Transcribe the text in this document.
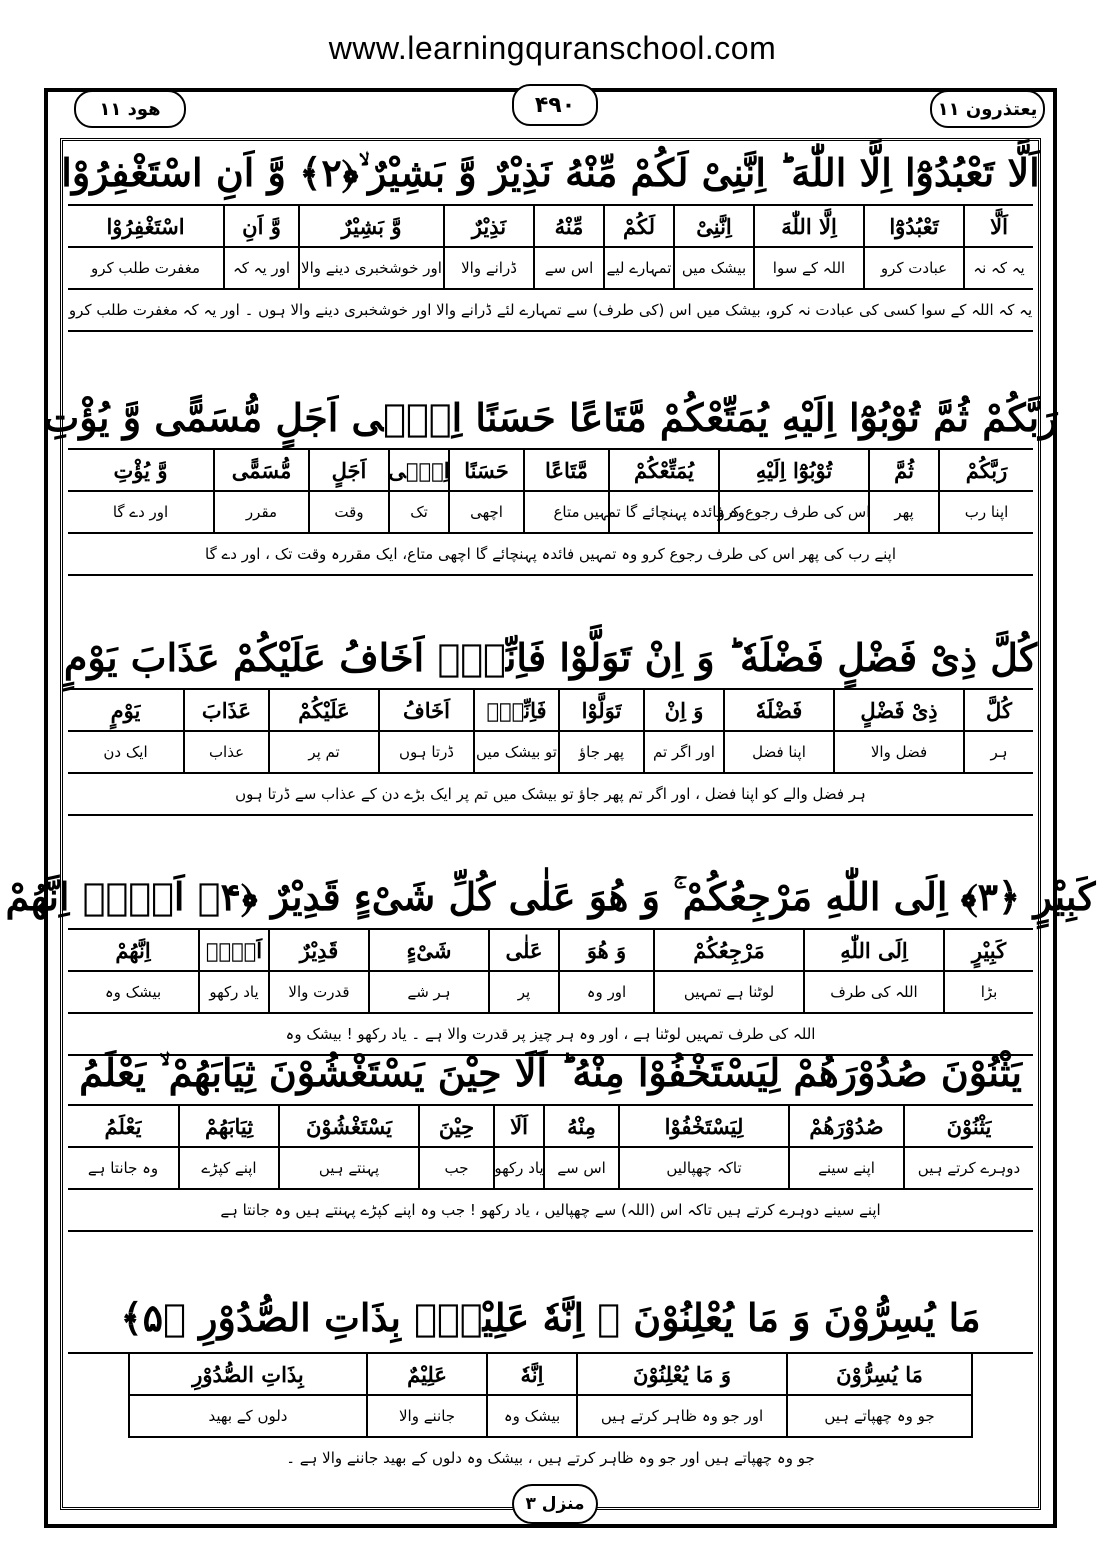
www.learningquranschool.com
یعتذرون ۱۱
۴۹۰
ھود ۱۱
اَلَّا تَعْبُدُوْٓا اِلَّا اللّٰهَ ؕ اِنَّنِیْ لَكُمْ مِّنْهُ نَذِیْرٌ وَّ بَشِیْرٌ ۙ﴿۲﴾ وَّ اَنِ اسْتَغْفِرُوْا
اَلَّا
تَعْبُدُوْٓا
اِلَّا اللّٰهَ
اِنَّنِیْ
لَكُمْ
مِّنْهُ
نَذِیْرٌ
وَّ بَشِیْرٌ
وَّ اَنِ
اسْتَغْفِرُوْا
یہ کہ نہ
عبادت کرو
اللہ کے سوا
بیشک میں
تمہارے لیے
اس سے
ڈرانے والا
اور خوشخبری دینے والا
اور یہ کہ
مغفرت طلب کرو
یہ کہ اللہ کے سوا کسی کی عبادت نہ کرو، بیشک میں اس (کی طرف) سے تمہارے لئے ڈرانے والا اور خوشخبری دینے والا ہوں ۔ اور یہ کہ مغفرت طلب کرو
رَبَّكُمْ ثُمَّ تُوْبُوْٓا اِلَیْهِ یُمَتِّعْكُمْ مَّتَاعًا حَسَنًا اِلٰۤی اَجَلٍ مُّسَمًّی وَّ یُؤْتِ
رَبَّكُمْ
ثُمَّ
تُوْبُوْٓا اِلَیْهِ
یُمَتِّعْكُمْ
مَّتَاعًا
حَسَنًا
اِلٰۤی
اَجَلٍ
مُّسَمًّی
وَّ یُؤْتِ
اپنا رب
پھر
اس کی طرف رجوع کرو
وہ فائدہ پہنچائے گا تمہیں
متاع
اچھی
تک
وقت
مقرر
اور دے گا
اپنے رب کی پھر اس کی طرف رجوع کرو وہ تمہیں فائدہ پہنچائے گا اچھی متاع، ایک مقررہ وقت تک ، اور دے گا
كُلَّ ذِیْ فَضْلٍ فَضْلَهٗ ؕ وَ اِنْ تَوَلَّوْا فَاِنِّیْۤ اَخَافُ عَلَیْكُمْ عَذَابَ یَوْمٍ
كُلَّ
ذِیْ فَضْلٍ
فَضْلَهٗ
وَ اِنْ
تَوَلَّوْا
فَاِنِّیْۤ
اَخَافُ
عَلَیْكُمْ
عَذَابَ
یَوْمٍ
ہر
فضل والا
اپنا فضل
اور اگر تم
پھر جاؤ
تو بیشک میں
ڈرتا ہوں
تم پر
عذاب
ایک دن
ہر فضل والے کو اپنا فضل ، اور اگر تم پھر جاؤ تو بیشک میں تم پر ایک بڑے دن کے عذاب سے ڈرتا ہوں
كَبِیْرٍ ﴿۳﴾ اِلَی اللّٰهِ مَرْجِعُكُمْ ۚ وَ هُوَ عَلٰی كُلِّ شَیْءٍ قَدِیْرٌ ﴿۴﴾ اَلَاۤ اِنَّهُمْ
كَبِیْرٍ
اِلَی اللّٰهِ
مَرْجِعُكُمْ
وَ هُوَ
عَلٰی
شَیْءٍ
قَدِیْرٌ
اَلَاۤ
اِنَّهُمْ
بڑا
اللہ کی طرف
لوٹنا ہے تمہیں
اور وہ
پر
ہر شے
قدرت والا
یاد رکھو
بیشک وہ
اللہ کی طرف تمہیں لوٹنا ہے ، اور وہ ہر چیز پر قدرت والا ہے ۔ یاد رکھو ! بیشک وہ
یَثْنُوْنَ صُدُوْرَهُمْ لِیَسْتَخْفُوْا مِنْهُ ؕ اَلَا حِیْنَ یَسْتَغْشُوْنَ ثِیَابَهُمْ ۙ یَعْلَمُ
یَثْنُوْنَ
صُدُوْرَهُمْ
لِیَسْتَخْفُوْا
مِنْهُ
اَلَا
حِیْنَ
یَسْتَغْشُوْنَ
ثِیَابَهُمْ
یَعْلَمُ
دوہرے کرتے ہیں
اپنے سینے
تاکہ چھپالیں
اس سے
یاد رکھو
جب
پہنتے ہیں
اپنے کپڑے
وہ جانتا ہے
اپنے سینے دوہرے کرتے ہیں تاکہ اس (اللہ) سے چھپالیں ، یاد رکھو ! جب وہ اپنے کپڑے پہنتے ہیں وہ جانتا ہے
مَا یُسِرُّوْنَ وَ مَا یُعْلِنُوْنَ ۚ اِنَّهٗ عَلِیْمٌۢ بِذَاتِ الصُّدُوْرِ ﴿۵﴾
مَا یُسِرُّوْنَ
وَ مَا یُعْلِنُوْنَ
اِنَّهٗ
عَلِیْمٌ
بِذَاتِ الصُّدُوْرِ
جو وہ چھپاتے ہیں
اور جو وہ ظاہر کرتے ہیں
بیشک وہ
جاننے والا
دلوں کے بھید
جو وہ چھپاتے ہیں اور جو وہ ظاہر کرتے ہیں ، بیشک وہ دلوں کے بھید جاننے والا ہے ۔
منزل ۳
